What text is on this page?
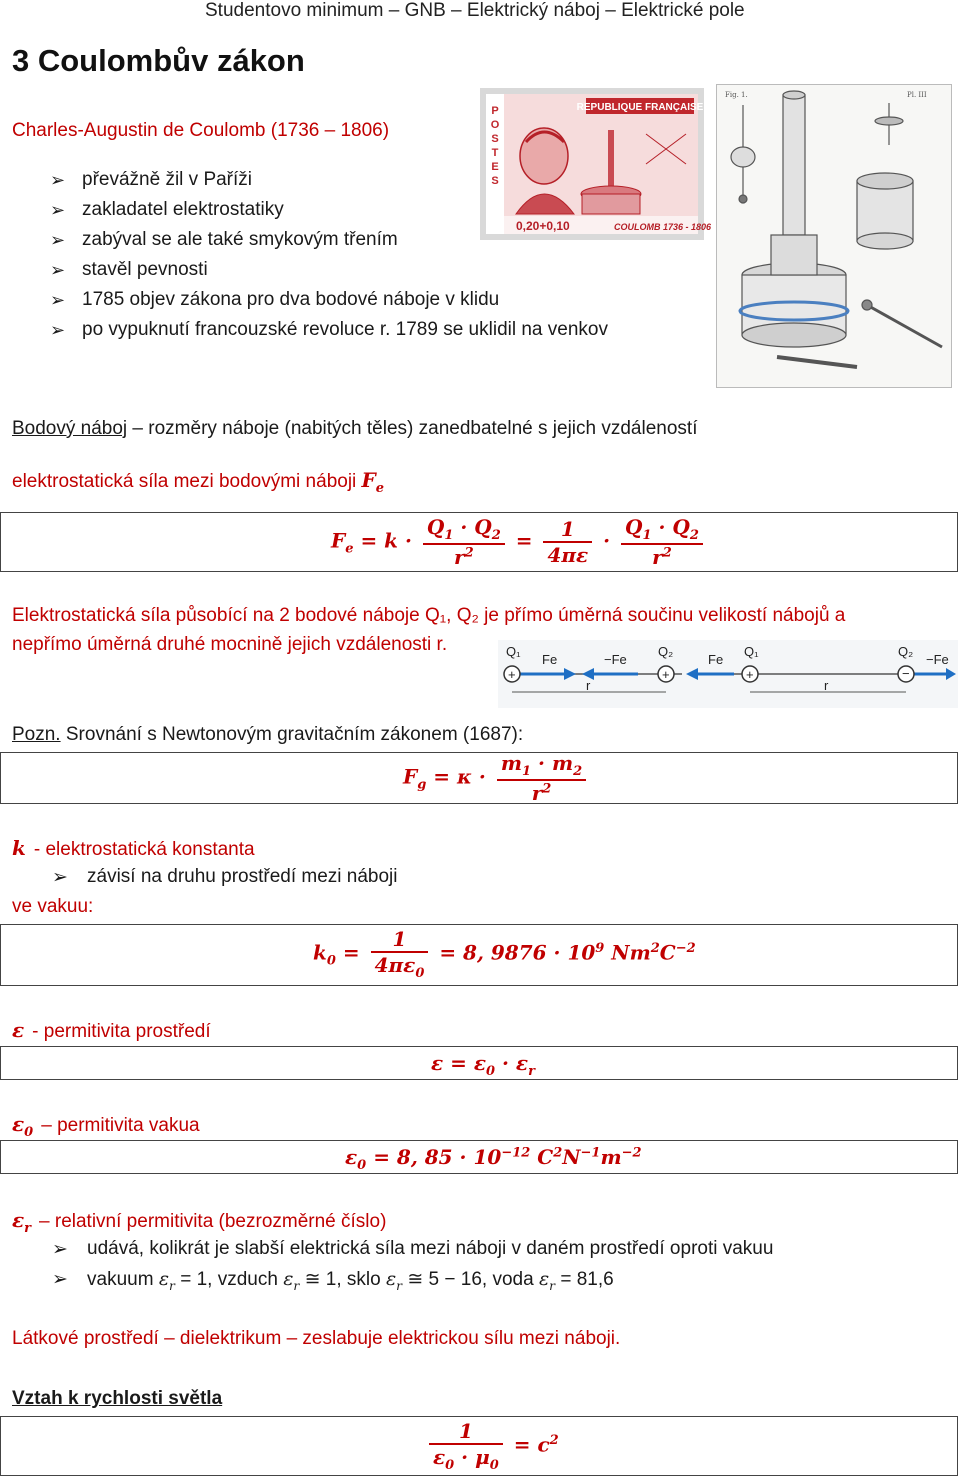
Studentovo minimum – GNB – Elektrický náboj – Elektrické pole
3 Coulombův zákon
Charles-Augustin de Coulomb (1736 – 1806)
➢ převážně žil v Paříži
➢ zakladatel elektrostatiky
➢ zabýval se ale také smykovým třením
➢ stavěl pevnosti
➢ 1785 objev zákona pro dva bodové náboje v klidu
➢ po vypuknutí francouzské revoluce r. 1789 se uklidil na venkov
P
O
S
T
E
S
REPUBLIQUE FRANÇAISE
0,20+0,10	COULOMB 1736 - 1806
Fig. 1.	Pl. III
Bodový náboj – rozměry náboje (nabitých těles) zanedbatelné s jejich vzdáleností
elektrostatická síla mezi bodovými náboji $F_e$
$F_e = k \cdot \frac{Q_1 \cdot Q_2}{r^2} = \frac{1}{4\pi\varepsilon} \cdot \frac{Q_1 \cdot Q_2}{r^2}$
Elektrostatická síla působící na 2 bodové náboje Q₁, Q₂ je přímo úměrná součinu velikostí nábojů a
nepřímo úměrná druhé mocnině jejich vzdálenosti r.
+	+	+	−
Q₁	Q₂
Fe	−Fe
r
Fe
Q₁	Q₂
−Fe
r
Pozn. Srovnání s Newtonovým gravitačním zákonem (1687):
$F_g = \kappa \cdot \frac{m_1 \cdot m_2}{r^2}$
k - elektrostatická konstanta
➢ závisí na druhu prostředí mezi náboji
ve vakuu:
$k_0 = \frac{1}{4\pi\varepsilon_0} = 8$, $9876 \cdot 10^9$ $Nm^2C^{-2}$
ε - permitivita prostředí
$\varepsilon = \varepsilon_0 \cdot \varepsilon_r$
$\varepsilon_0$ – permitivita vakua
$\varepsilon_0 = 8$, $85 \cdot 10^{-12}$ $C^2N^{-1}m^{-2}$
$\varepsilon_r$ – relativní permitivita (bezrozměrné číslo)
➢ udává, kolikrát je slabší elektrická síla mezi náboji v daném prostředí oproti vakuu
➢ vakuum $\varepsilon_r = 1$, vzduch $\varepsilon_r$ ≅ 1, sklo $\varepsilon_r$ ≅ 5 − 16, voda $\varepsilon_r = 81,6$
Látkové prostředí – dielektrikum – zeslabuje elektrickou sílu mezi náboji.
Vztah k rychlosti světla
$\frac{1}{\varepsilon_0 \cdot \mu_0} = c^2$
